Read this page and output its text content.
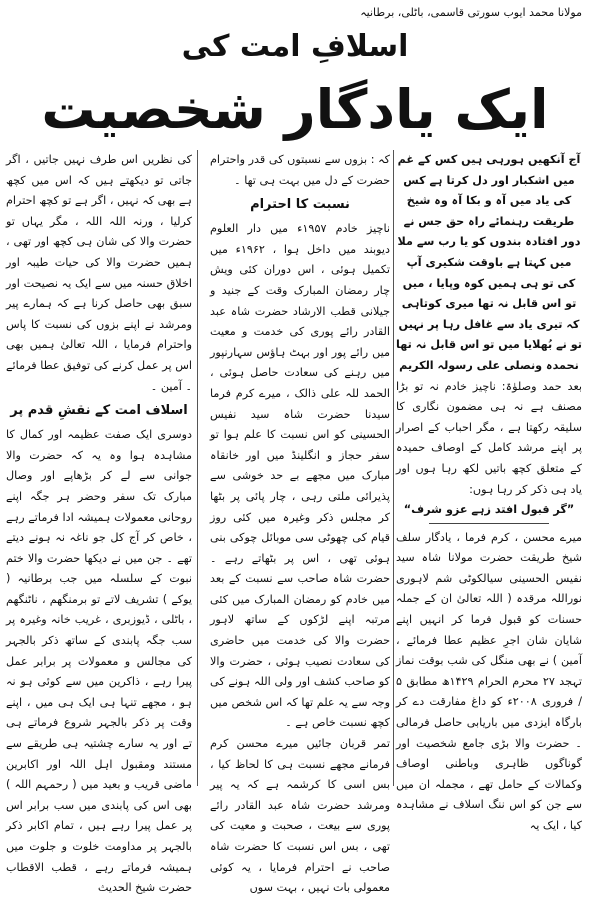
مولانا محمد ایوب سورتی قاسمی، باٹلی، برطانیہ
اسلافِ امت کی
ایک یادگار شخصیت

آج آنکھیں ہورہی ہیں کس کے غم میں اشکبار اور دل کرتا ہے کس کی یاد میں آہ و بکا آہ وہ شیخ طریقت رہنمائے راہ حق جس نے دور افتادہ بندوں کو یا رب سے ملا میں کہتا ہے باوقت شکیری آپ کی تو ہی ہمیں کوہ وپایا ، میں تو اس قابل نہ تھا میری کوتاہی کہ تیری یاد سے غافل رہا پر نہیں تو نے بُھلایا میں تو اس قابل نہ تھا

نحمدہ ونصلی علی رسولہ الکریم

بعد حمد وصلوٰۃ: ناچیز خادم نہ تو بڑا مصنف ہے نہ ہی مضمون نگاری کا سلیقہ رکھتا ہے ، مگر احباب کے اصرار پر اپنے مرشد کامل کے اوصاف حمیدہ کے متعلق کچھ باتیں لکھ رہا ہوں اور یاد ہی ذکر کر رہا ہوں:

”گر قبول افتد زہے عزو شرف“

میرے محسن ، کرم فرما ، یادگار سلف شیخ طریقت حضرت مولانا شاہ سید نفیس الحسینی سیالکوٹی شم لاہوری نوراللہ مرقدہ ( اللہ تعالیٰ ان کے جملہ حسنات کو قبول فرما کر انہیں اپنے شایان شان اجرِ عظیم عطا فرمائے ، آمین ) نے بھی منگل کی شب بوقت نماز تہجد ۲۷ محرم الحرام ۱۴۲۹ھ مطابق ۵ / فروری ۲۰۰۸ء کو داغ مفارقت دے کر بارگاہ ایزدی میں باریابی حاصل فرمالی ۔ حضرت والا بڑی جامع شخصیت اور گوناگوں ظاہری وباطنی اوصاف وکمالات کے حامل تھے ، مجملہ ان میں سے جن کو اس ننگ اسلاف نے مشاہدہ کیا ، ایک یہ

کہ : بزوں سے نسبتوں کی قدر واحترام حضرت کے دل میں بہت ہی تھا ۔

نسبت کا احترام

ناچیز خادم ۱۹۵۷ء میں دار العلوم دیوبند میں داخل ہوا ، ۱۹۶۲ء میں تکمیل ہوئی ، اس دوران کئی ویش چار رمضان المبارک وقت کے جنید و جیلانی قطب الارشاد حضرت شاہ عبد القادر رائے پوری کی خدمت و معیت میں رائے پور اور بہٹ ہاؤس سہارنپور میں رہنے کی سعادت حاصل ہوئی ، الحمد للہ علی ذالک ، میرے کرم فرما سیدنا حضرت شاہ سید نفیس الحسینی کو اس نسبت کا علم ہوا تو سفر حجاز و انگلینڈ میں اور خانقاہ مبارک میں مجھے بے حد خوشی سے پذیرائی ملتی رہی ، چار پائی پر بٹھا کر مجلس ذکر وغیرہ میں کئی روز قیام کی چھوٹی سی موبائل چوکی بنی ہوئی تھی ، اس پر بٹھاتے رہے ۔ حضرت شاہ صاحب سے نسبت کے بعد میں خادم کو رمضان المبارک میں کئی مرتبہ اپنے لڑکوں کے ساتھ لاہور حضرت والا کی خدمت میں حاضری کی سعادت نصیب ہوئی ، حضرت والا کو صاحب کشف اور ولی اللہ ہونے کی وجہ سے یہ علم تھا کہ اس شخص میں کچھ نسبت خاص ہے ۔

تمر قربان جائیں میرے محسن کرم فرمانے مجھے نسبت ہی کا لحاظ کیا ، بس اسی کا کرشمہ ہے کہ یہ پیر ومرشد حضرت شاہ عبد القادر رائے پوری سے بیعت ، صحبت و معیت کی تھی ، بس اس نسبت کا حضرت شاہ صاحب نے احترام فرمایا ، یہ کوئی معمولی بات نہیں ، بہت سوں

کی نظریں اس طرف نہیں جاتیں ، اگر جاتی تو دیکھتے ہیں کہ اس میں کچھ ہے بھی کہ نہیں ، اگر ہے تو کچھ احترام کرلیا ، ورنہ اللہ اللہ ، مگر یہاں تو حضرت والا کی شان ہی کچھ اور تھی ، ہمیں حضرت والا کی حیات طیبہ اور اخلاق حسنہ میں سے ایک یہ نصیحت اور سبق بھی حاصل کرنا ہے کہ ہمارے پیر ومرشد نے اپنے بزوں کی نسبت کا پاس واحترام فرمایا ، اللہ تعالیٰ ہمیں بھی اس پر عمل کرنے کی توفیق عطا فرمائے ۔ آمین ۔

اسلاف امت کے نقشِ قدم پر

دوسری ایک صفت عظیمہ اور کمال کا مشاہدہ ہوا وہ یہ کہ حضرت والا جوانی سے لے کر بڑھاپے اور وصال مبارک تک سفر وحضر ہر جگہ اپنے روحانی معمولات ہمیشہ ادا فرماتے رہے ، خاص کر آج کل جو ناغہ نہ ہونے دیتے تھے ۔ جن میں نے دیکھا حضرت والا ختم نبوت کے سلسلہ میں جب برطانیہ ( یوکے ) تشریف لاتے تو برمنگھم ، ناٹنگھم ، باٹلی ، ڈیوزبری ، غریب خانہ وغیرہ پر سب جگہ پابندی کے ساتھ ذکر بالجہر کی مجالس و معمولات پر برابر عمل پیرا رہے ، ذاکرین میں سے کوئی ہو نہ ہو ، مجھے تنہا ہی ایک ہی میں ، اپنے وقت پر ذکر بالجہر شروع فرماتے ہی تے اور یہ سارے چشتیہ ہی طریقے سے مستند ومقبول اہل اللہ اور اکابرین ماضی قریب و بعید میں ( رحمہم اللہ ) بھی اس کی پابندی میں سب برابر اس پر عمل پیرا رہے ہیں ، تمام اکابر ذکر بالجہر پر مداومت خلوت و جلوت میں ہمیشہ فرماتے رہے ، قطب الاقطاب حضرت شیخ الحدیث
